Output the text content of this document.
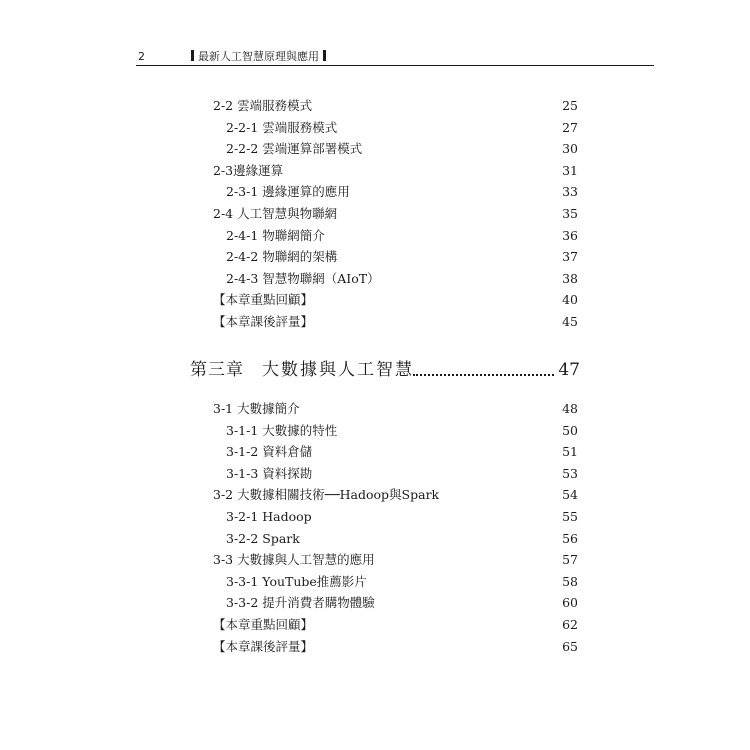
2	最新人工智慧原理與應用
2-2 雲端服務模式	25
2-2-1 雲端服務模式	27
2-2-2 雲端運算部署模式	30
2-3邊緣運算	31
2-3-1 邊緣運算的應用	33
2-4 人工智慧與物聯網	35
2-4-1 物聯網簡介	36
2-4-2 物聯網的架構	37
2-4-3 智慧物聯網（AIoT）	38
【本章重點回顧】	40
【本章課後評量】	45
第三章 大數據與人工智慧	47
3-1 大數據簡介	48
3-1-1 大數據的特性	50
3-1-2 資料倉儲	51
3-1-3 資料探勘	53
3-2 大數據相關技術──Hadoop與Spark	54
3-2-1 Hadoop	55
3-2-2 Spark	56
3-3 大數據與人工智慧的應用	57
3-3-1 YouTube推薦影片	58
3-3-2 提升消費者購物體驗	60
【本章重點回顧】	62
【本章課後評量】	65
